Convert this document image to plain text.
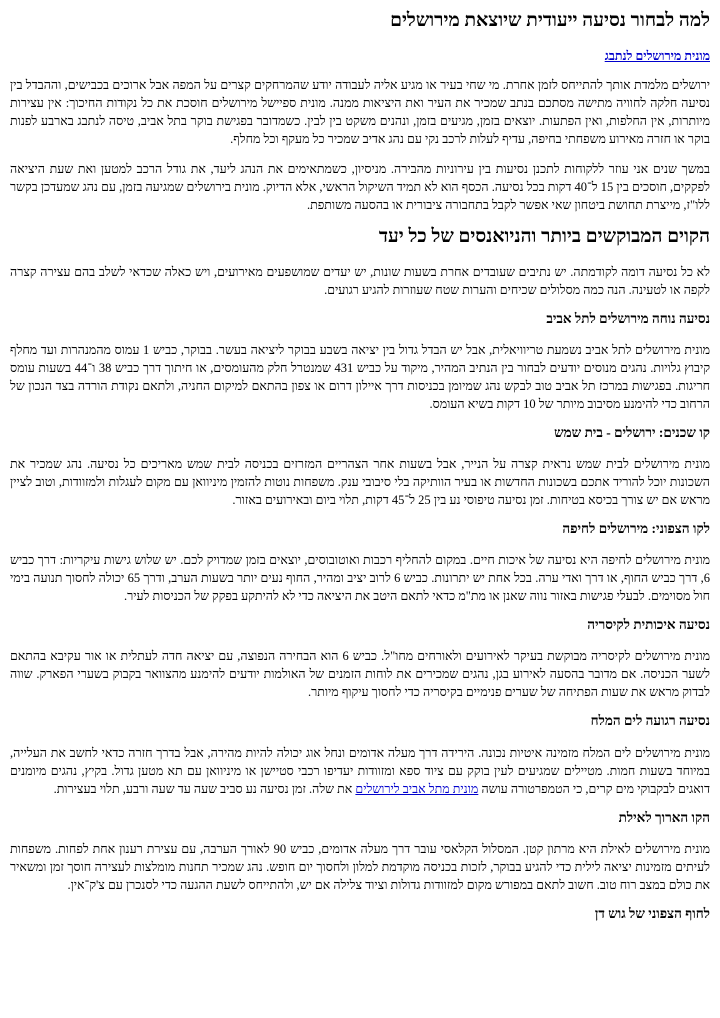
למה לבחור נסיעה ייעודית שיוצאת מירושלים
מונית מירושלים לנתבג

ירושלים מלמדת אותך להתייחס לזמן אחרת. מי שחי בעיר או מגיע אליה לעבודה יודע שהמרחקים קצרים על המפה אבל ארוכים בכבישים, וההבדל בין נסיעה חלקה לחוויה מתישה מסתכם בנתב שמכיר את העיר ואת היציאות ממנה. מונית ספיישל מירושלים חוסכת את כל נקודות החיכוך: אין עצירות מיותרות, אין החלפות, ואין הפתעות. יוצאים בזמן, מגיעים בזמן, ונהנים משקט בין לבין. כשמדובר בפגישת בוקר בתל אביב, טיסה לנתבג בארבע לפנות בוקר או חזרה מאירוע משפחתי בחיפה, עדיף לעלות לרכב נקי עם נהג אדיב שמכיר כל מעקף וכל מחלף.

במשך שנים אני עוזר ללקוחות לתכנן נסיעות בין עירוניות מהבירה. מניסיון, כשמתאימים את הנהג ליעד, את גודל הרכב למטען ואת שעת היציאה לפקקים, חוסכים בין 15 ל־40 דקות בכל נסיעה. הכסף הוא לא תמיד השיקול הראשי, אלא הדיוק. מונית בירושלים שמגיעה בזמן, עם נהג שמעדכן בקשר ללו"ז, מייצרת תחושת ביטחון שאי אפשר לקבל בתחבורה ציבורית או בהסעה משותפת.

הקוים המבוקשים ביותר והניואנסים של כל יעד

לא כל נסיעה דומה לקודמתה. יש נתיבים שעובדים אחרת בשעות שונות, יש יעדים שמושפעים מאירועים, ויש כאלה שכדאי לשלב בהם עצירה קצרה לקפה או לטעינה. הנה כמה מסלולים שכיחים והערות שטח שעוזרות להגיע רגועים.

נסיעה נוחה מירושלים לתל אביב

מונית מירושלים לתל אביב נשמעת טריוויאלית, אבל יש הבדל גדול בין יציאה בשבע בבוקר ליציאה בעשר. בבוקר, כביש 1 עמוס מהמנהרות ועד מחלף קיבוץ גלויות. נהגים מנוסים יודעים לבחור בין הנתיב המהיר, מיקוד על כביש 431 שמנטרל חלק מהעומסים, או חיתוך דרך כביש 38 ו־44 בשעות עומס חריגות. בפגישות במרכז תל אביב טוב לבקש נהג שמיומן בכניסות דרך איילון דרום או צפון בהתאם למיקום החניה, ולתאם נקודת הורדה בצד הנכון של הרחוב כדי להימנע מסיבוב מיותר של 10 דקות בשיא העומס.

קו שכנים: ירושלים - בית שמש

מונית מירושלים לבית שמש נראית קצרה על הנייר, אבל בשעות אחר הצהריים המזרזים בכניסה לבית שמש מאריכים כל נסיעה. נהג שמכיר את השכונות יוכל להוריד אתכם בשכונות החדשות או בעיר הוותיקה בלי סיבובי ענק. משפחות נוטות להזמין מיניוואן עם מקום לעגלות ולמזוודות, וטוב לציין מראש אם יש צורך בכיסא בטיחות. זמן נסיעה טיפוסי נע בין 25 ל־45 דקות, תלוי ביום ובאירועים באזור.

לקו הצפוני: מירושלים לחיפה

מונית מירושלים לחיפה היא נסיעה של איכות חיים. במקום להחליף רכבות ואוטובוסים, יוצאים בזמן שמדויק לכם. יש שלוש גישות עיקריות: דרך כביש 6, דרך כביש החוף, או דרך ואדי ערה. בכל אחת יש יתרונות. כביש 6 לרוב יציב ומהיר, החוף נעים יותר בשעות הערב, ודרך 65 יכולה לחסוך תנועה בימי חול מסוימים. לבעלי פגישות באזור נווה שאנן או מת"מ כדאי לתאם היטב את היציאה כדי לא להיתקע בפקק של הכניסות לעיר.

נסיעה איכותית לקיסריה

מונית מירושלים לקיסריה מבוקשת בעיקר לאירועים ולאורחים מחו"ל. כביש 6 הוא הבחירה הנפוצה, עם יציאה חדה לעתלית או אור עקיבא בהתאם לשער הכניסה. אם מדובר בהסעה לאירוע בגן, נהגים שמכירים את לוחות הזמנים של האולמות יודעים להימנע מהצוואר בקבוק בשערי הפארק. שווה לבדוק מראש את שעות הפתיחה של שערים פנימיים בקיסריה כדי לחסוך עיקוף מיותר.

נסיעה רגועה לים המלח

מונית מירושלים לים המלח מזמינה איטיות נכונה. הירידה דרך מעלה אדומים ונחל אוג יכולה להיות מהירה, אבל בדרך חזרה כדאי לחשב את העלייה, במיוחד בשעות חמות. מטיילים שמגיעים לעין בוקק עם ציוד ספא ומזוודות יעדיפו רכבי סטיישן או מיניוואן עם תא מטען גדול. בקיץ, נהגים מיומנים דואגים לבקבוקי מים קרים, כי הטמפרטורה עושה מונית מתל אביב לירושלים את שלה. זמן נסיעה נע סביב שעה עד שעה ורבע, תלוי בעצירות.

הקו הארוך לאילת

מונית מירושלים לאילת היא מרתון קטן. המסלול הקלאסי עובר דרך מעלה אדומים, כביש 90 לאורך הערבה, עם עצירת רענון אחת לפחות. משפחות לעיתים מזמינות יציאה לילית כדי להגיע בבוקר, לזכות בכניסה מוקדמת למלון ולחסוך יום חופש. נהג שמכיר תחנות מומלצות לעצירה חוסך זמן ומשאיר את כולם במצב רוח טוב. חשוב לתאם במפורש מקום למזוודות גדולות וציוד צלילה אם יש, ולהתייחס לשעת ההגעה כדי לסנכרן עם צ'ק־אין.

לחוף הצפוני של גוש דן
